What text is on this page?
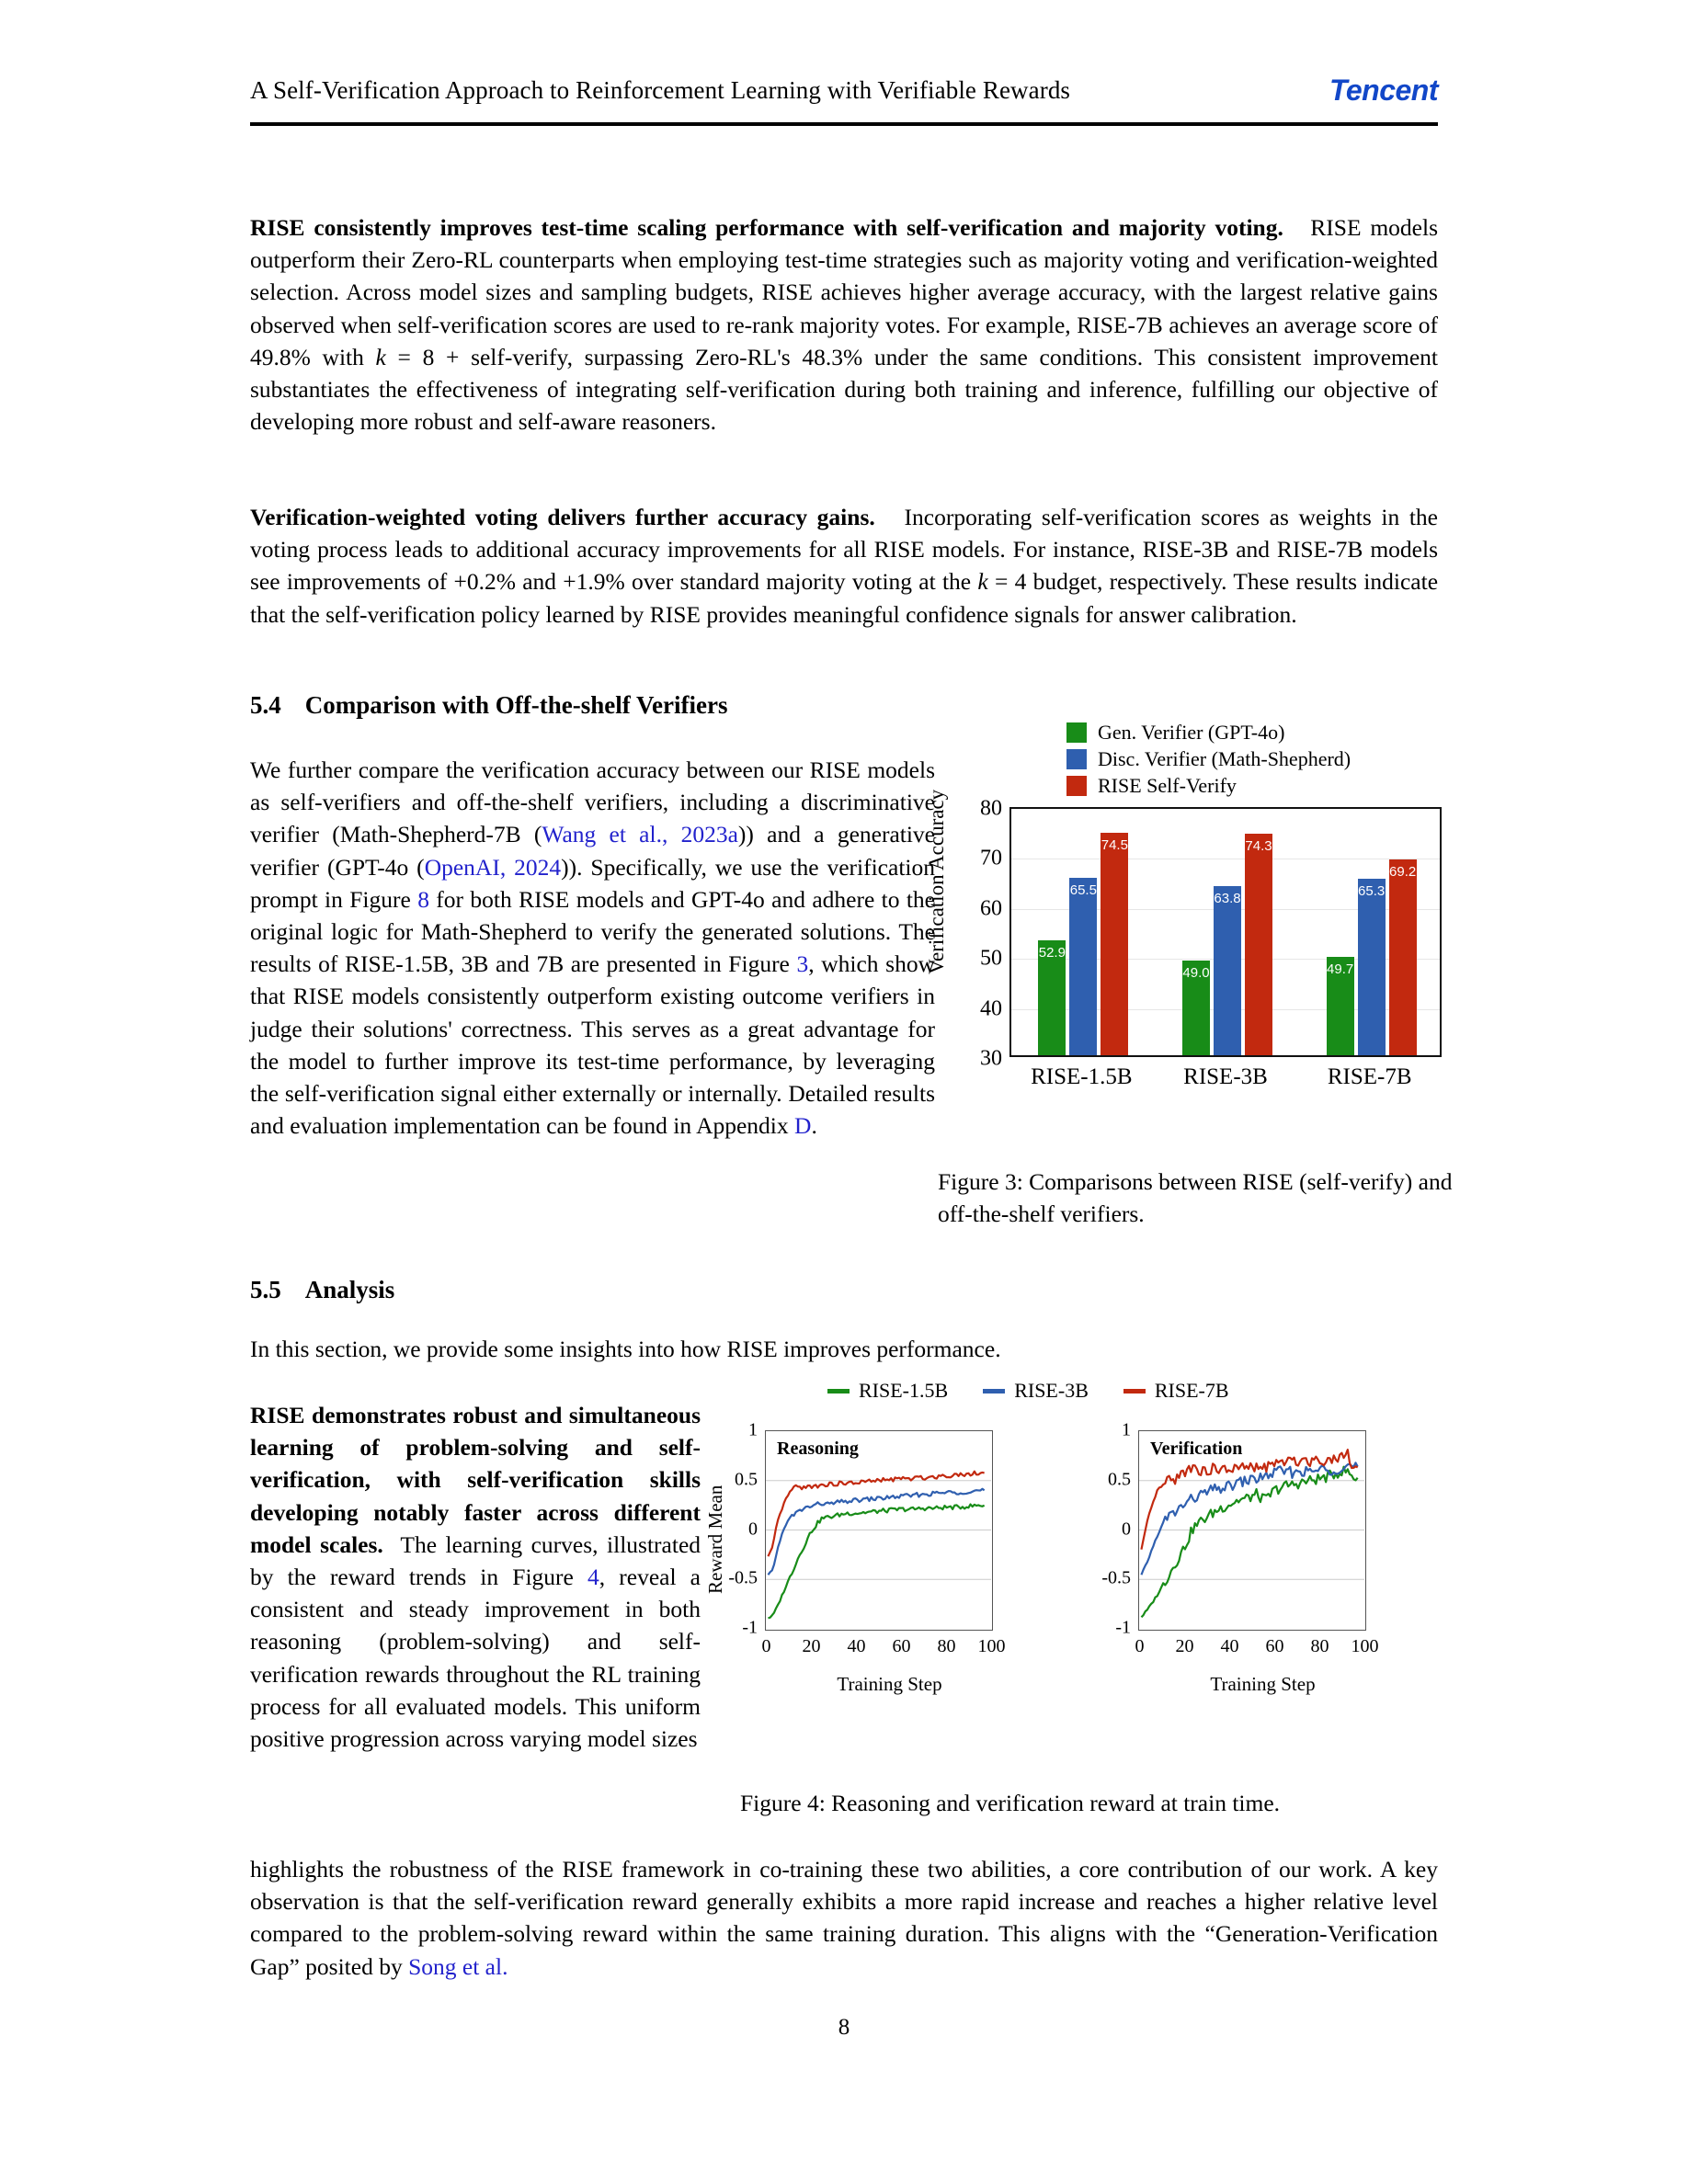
A Self-Verification Approach to Reinforcement Learning with Verifiable Rewards	Tencent
RISE consistently improves test-time scaling performance with self-verification and majority voting. RISE models outperform their Zero-RL counterparts when employing test-time strategies such as majority voting and verification-weighted selection. Across model sizes and sampling budgets, RISE achieves higher average accuracy, with the largest relative gains observed when self-verification scores are used to re-rank majority votes. For example, RISE-7B achieves an average score of 49.8% with k = 8 + self-verify, surpassing Zero-RL's 48.3% under the same conditions. This consistent improvement substantiates the effectiveness of integrating self-verification during both training and inference, fulfilling our objective of developing more robust and self-aware reasoners.
Verification-weighted voting delivers further accuracy gains. Incorporating self-verification scores as weights in the voting process leads to additional accuracy improvements for all RISE models. For instance, RISE-3B and RISE-7B models see improvements of +0.2% and +1.9% over standard majority voting at the k = 4 budget, respectively. These results indicate that the self-verification policy learned by RISE provides meaningful confidence signals for answer calibration.
5.4 Comparison with Off-the-shelf Verifiers
We further compare the verification accuracy between our RISE models as self-verifiers and off-the-shelf verifiers, including a discriminative verifier (Math-Shepherd-7B (Wang et al., 2023a)) and a generative verifier (GPT-4o (OpenAI, 2024)). Specifically, we use the verification prompt in Figure 8 for both RISE models and GPT-4o and adhere to the original logic for Math-Shepherd to verify the generated solutions. The results of RISE-1.5B, 3B and 7B are presented in Figure 3, which show that RISE models consistently outperform existing outcome verifiers in judge their solutions' correctness. This serves as a great advantage for the model to further improve its test-time performance, by leveraging the self-verification signal either externally or internally. Detailed results and evaluation implementation can be found in Appendix D.
Gen. Verifier (GPT-4o)
Disc. Verifier (Math-Shepherd)
RISE Self-Verify
Verification Accuracy
30
40
50
60
70
80
52.9
65.5
74.5
49.0
63.8
74.3
49.7
65.3
69.2
RISE-1.5B	RISE-3B	RISE-7B
Figure 3: Comparisons between RISE (self-verify) and off-the-shelf verifiers.
5.5 Analysis
In this section, we provide some insights into how RISE improves performance.
RISE demonstrates robust and simultaneous learning of problem-solving and self-verification, with self-verification skills developing notably faster across different model scales. The learning curves, illustrated by the reward trends in Figure 4, reveal a consistent and steady improvement in both reasoning (problem-solving) and self-verification rewards throughout the RL training process for all evaluated models. This uniform positive progression across varying model sizes
RISE-1.5B	RISE-3B	RISE-7B
Reward Mean
Reasoning
Training Step
-1
-0.5
0
0.5
1
0 20 40 60 80 100
Verification
Training Step
-1
-0.5
0
0.5
1
0 20 40 60 80 100
Figure 4: Reasoning and verification reward at train time.

highlights the robustness of the RISE framework in co-training these two abilities, a core contribution of our work. A key observation is that the self-verification reward generally exhibits a more rapid increase and reaches a higher relative level compared to the problem-solving reward within the same training duration. This aligns with the “Generation-Verification Gap” posited by Song et al.
8
